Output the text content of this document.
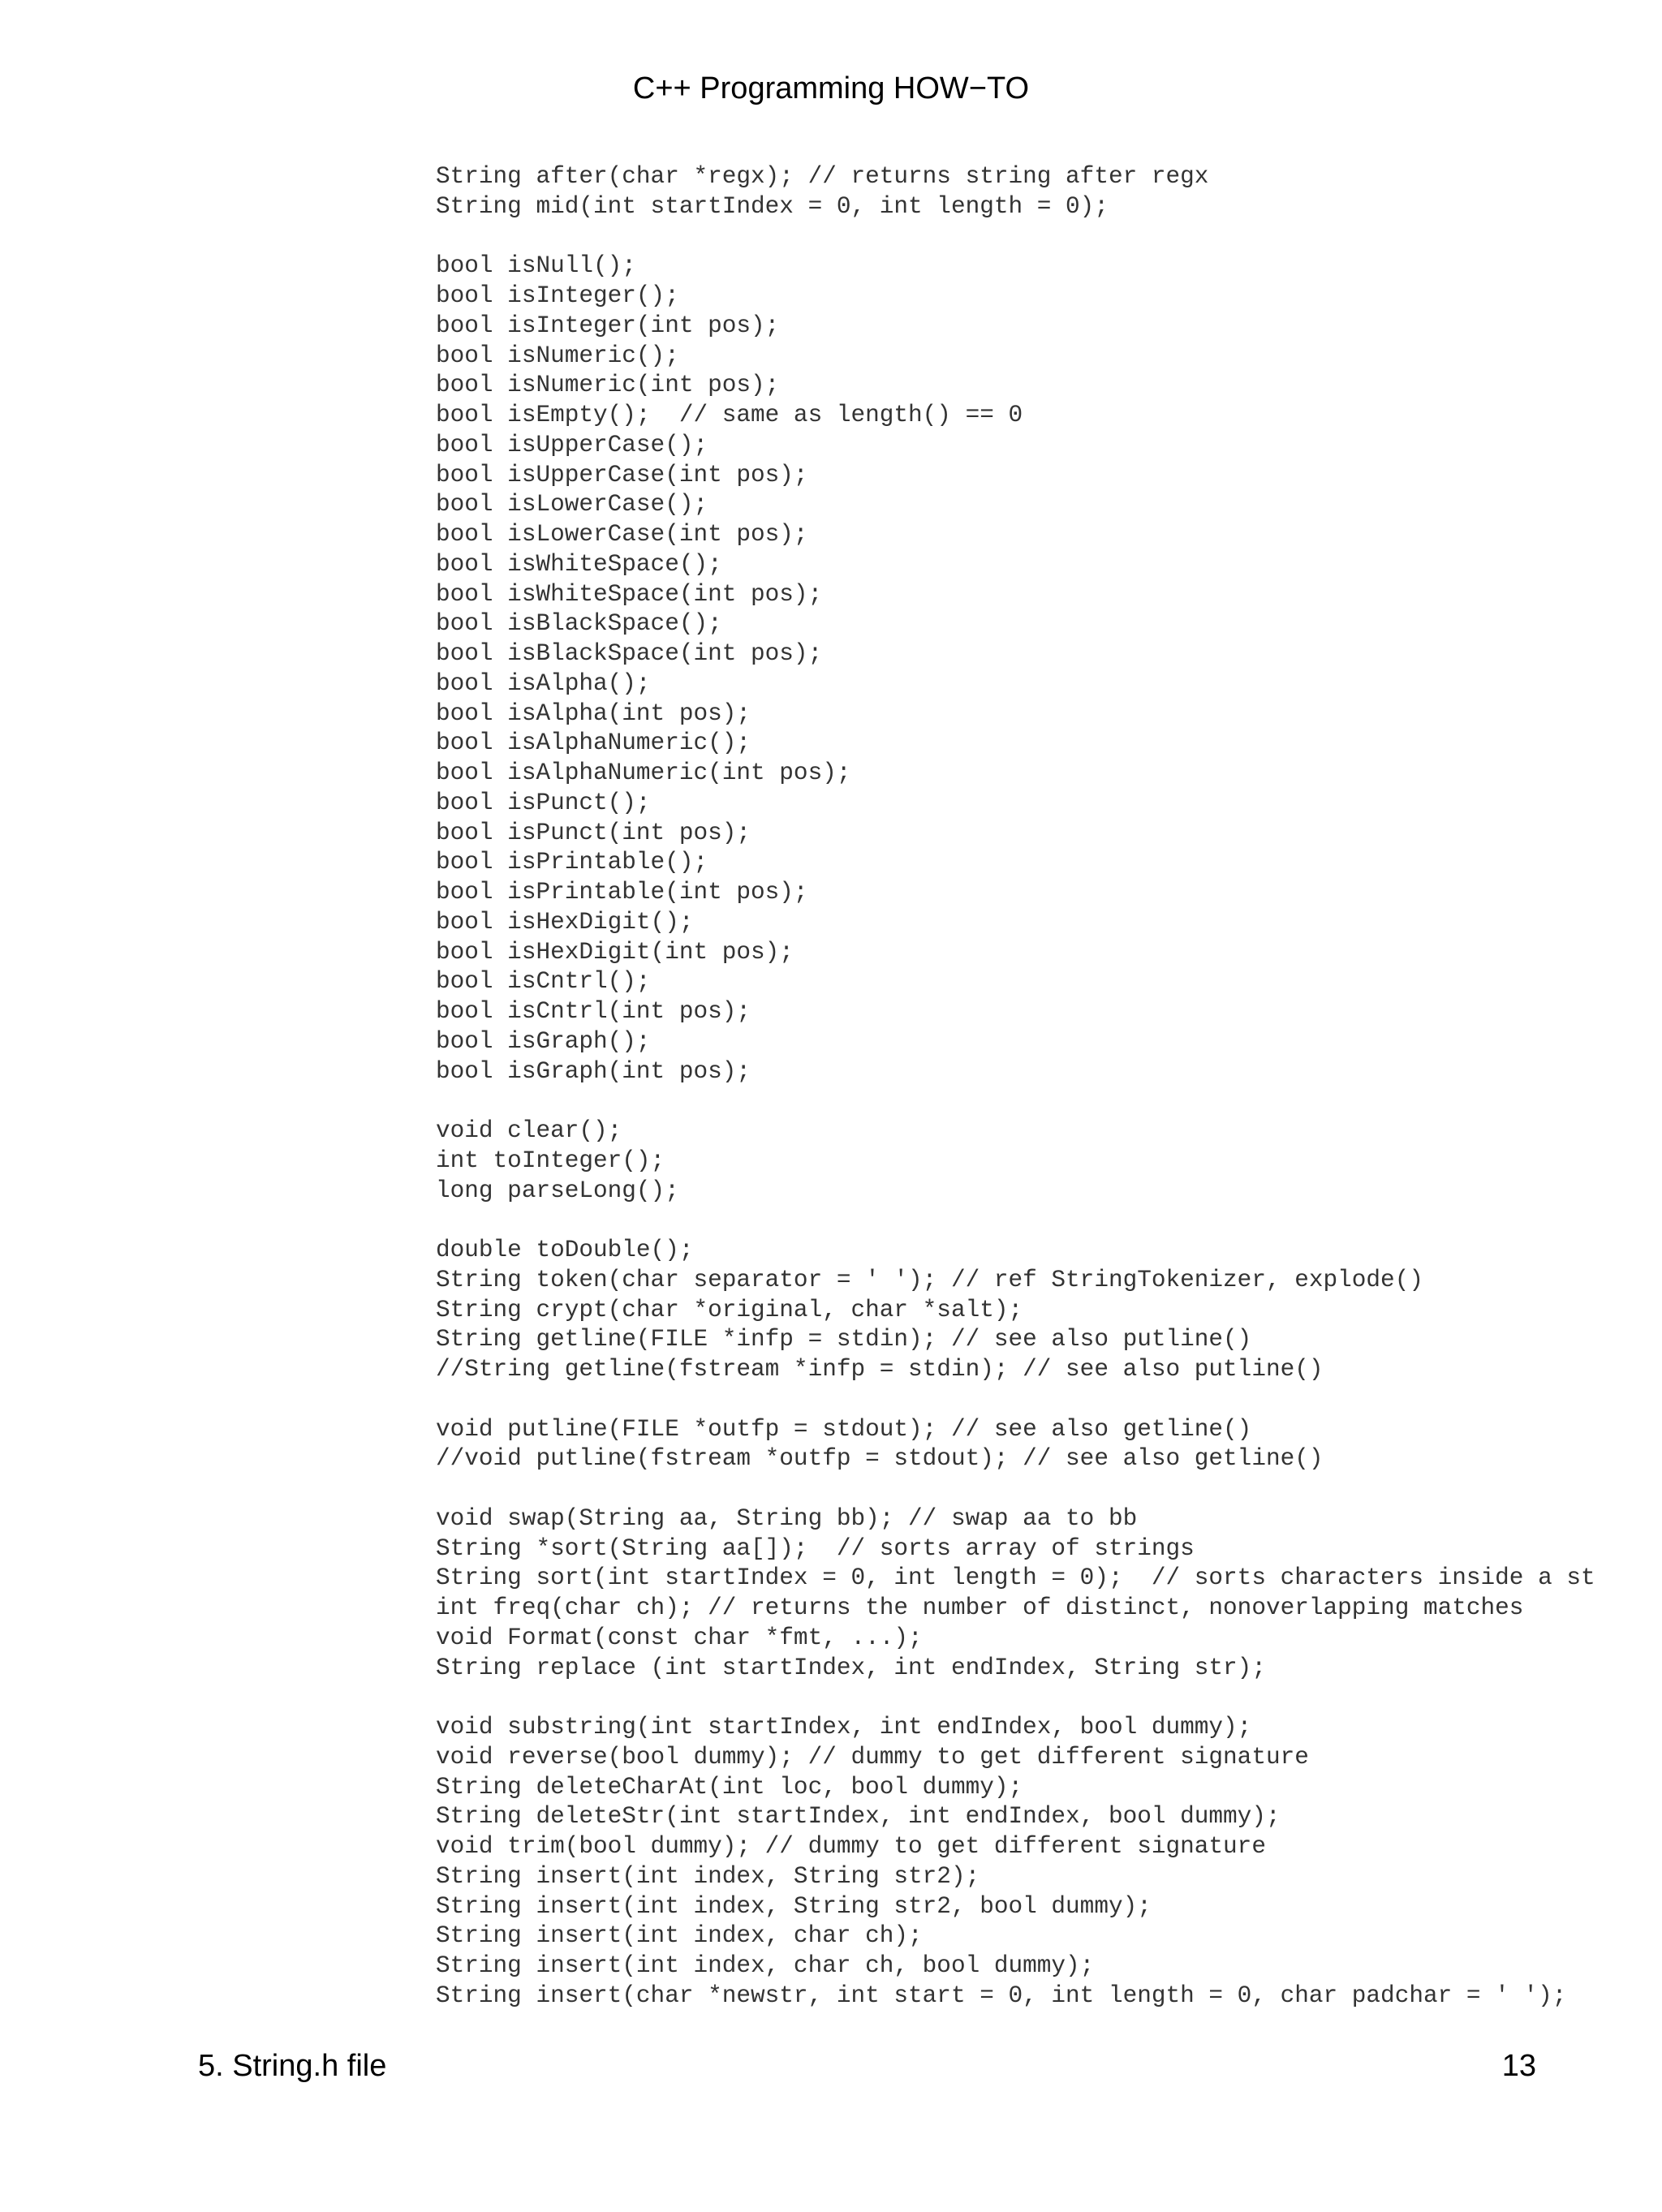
C++ Programming HOW−TO
String after(char *regx); // returns string after regx
String mid(int startIndex = 0, int length = 0);
bool isNull();
bool isInteger();
bool isInteger(int pos);
bool isNumeric();
bool isNumeric(int pos);
bool isEmpty();  // same as length() == 0
bool isUpperCase();
bool isUpperCase(int pos);
bool isLowerCase();
bool isLowerCase(int pos);
bool isWhiteSpace();
bool isWhiteSpace(int pos);
bool isBlackSpace();
bool isBlackSpace(int pos);
bool isAlpha();
bool isAlpha(int pos);
bool isAlphaNumeric();
bool isAlphaNumeric(int pos);
bool isPunct();
bool isPunct(int pos);
bool isPrintable();
bool isPrintable(int pos);
bool isHexDigit();
bool isHexDigit(int pos);
bool isCntrl();
bool isCntrl(int pos);
bool isGraph();
bool isGraph(int pos);
void clear();
int toInteger();
long parseLong();
double toDouble();
String token(char separator = ' '); // ref StringTokenizer, explode()
String crypt(char *original, char *salt);
String getline(FILE *infp = stdin); // see also putline()
//String getline(fstream *infp = stdin); // see also putline()
void putline(FILE *outfp = stdout); // see also getline()
//void putline(fstream *outfp = stdout); // see also getline()
void swap(String aa, String bb); // swap aa to bb
String *sort(String aa[]);  // sorts array of strings
String sort(int startIndex = 0, int length = 0);  // sorts characters inside a st
int freq(char ch); // returns the number of distinct, nonoverlapping matches
void Format(const char *fmt, ...);
String replace (int startIndex, int endIndex, String str);
void substring(int startIndex, int endIndex, bool dummy);
void reverse(bool dummy); // dummy to get different signature
String deleteCharAt(int loc, bool dummy);
String deleteStr(int startIndex, int endIndex, bool dummy);
void trim(bool dummy); // dummy to get different signature
String insert(int index, String str2);
String insert(int index, String str2, bool dummy);
String insert(int index, char ch);
String insert(int index, char ch, bool dummy);
String insert(char *newstr, int start = 0, int length = 0, char padchar = ' ');
5. String.h file	13
